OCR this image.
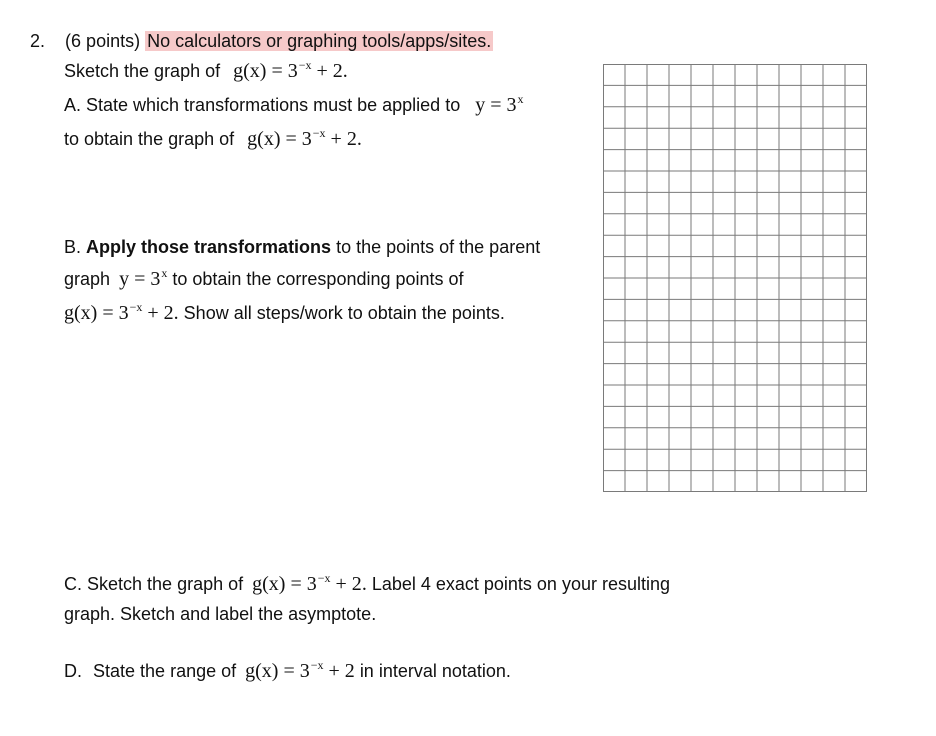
2. (6 points) No calculators or graphing tools/apps/sites.
Sketch the graph of $g(x) = 3^{-x} + 2$.
A. State which transformations must be applied to $y = 3^x$
to obtain the graph of $g(x) = 3^{-x} + 2$.
B. Apply those transformations to the points of the parent
graph $y = 3^x$ to obtain the corresponding points of
$g(x) = 3^{-x} + 2$. Show all steps/work to obtain the points.
C. Sketch the graph of $g(x) = 3^{-x} + 2$. Label 4 exact points on your resulting
graph. Sketch and label the asymptote.
D. State the range of $g(x) = 3^{-x} + 2$ in interval notation.
